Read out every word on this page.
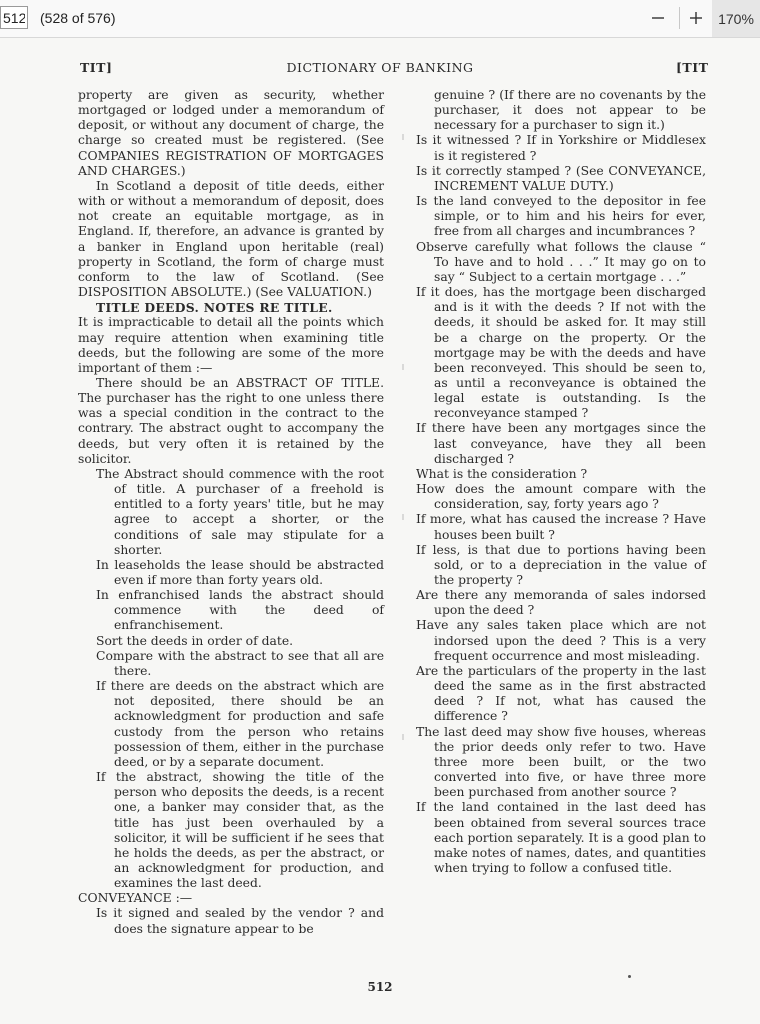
512
(528 of 576)	170%
TIT]	DICTIONARY OF BANKING	[TIT

property are given as security, whether mortgaged or lodged under a memorandum of deposit, or without any document of charge, the charge so created must be registered. (See COMPANIES REGISTRATION OF MORTGAGES AND CHARGES.)

In Scotland a deposit of title deeds, either with or without a memorandum of deposit, does not create an equitable mortgage, as in England. If, therefore, an advance is granted by a banker in England upon heritable (real) property in Scotland, the form of charge must conform to the law of Scotland. (See DISPOSITION ABSOLUTE.) (See VALUATION.)

TITLE DEEDS. NOTES RE TITLE.

It is impracticable to detail all the points which may require attention when examining title deeds, but the following are some of the more important of them :—

There should be an ABSTRACT OF TITLE. The purchaser has the right to one unless there was a special condition in the contract to the contrary. The abstract ought to accompany the deeds, but very often it is retained by the solicitor.

The Abstract should commence with the root of title. A purchaser of a freehold is entitled to a forty years' title, but he may agree to accept a shorter, or the conditions of sale may stipulate for a shorter.

In leaseholds the lease should be abstracted even if more than forty years old.

In enfranchised lands the abstract should commence with the deed of enfranchisement.

Sort the deeds in order of date.

Compare with the abstract to see that all are there.

If there are deeds on the abstract which are not deposited, there should be an acknowledgment for production and safe custody from the person who retains possession of them, either in the purchase deed, or by a separate document.

If the abstract, showing the title of the person who deposits the deeds, is a recent one, a banker may consider that, as the title has just been overhauled by a solicitor, it will be sufficient if he sees that he holds the deeds, as per the abstract, or an acknowledgment for production, and examines the last deed.

CONVEYANCE :—

Is it signed and sealed by the vendor ? and does the signature appear to be

genuine ? (If there are no covenants by the purchaser, it does not appear to be necessary for a purchaser to sign it.)

Is it witnessed ? If in Yorkshire or Middlesex is it registered ?

Is it correctly stamped ? (See CONVEYANCE, INCREMENT VALUE DUTY.)

Is the land conveyed to the depositor in fee simple, or to him and his heirs for ever, free from all charges and incumbrances ?

Observe carefully what follows the clause “ To have and to hold . . .” It may go on to say “ Subject to a certain mortgage . . .”

If it does, has the mortgage been discharged and is it with the deeds ? If not with the deeds, it should be asked for. It may still be a charge on the property. Or the mortgage may be with the deeds and have been reconveyed. This should be seen to, as until a reconveyance is obtained the legal estate is outstanding. Is the reconveyance stamped ?

If there have been any mortgages since the last conveyance, have they all been discharged ?

What is the consideration ?

How does the amount compare with the consideration, say, forty years ago ?

If more, what has caused the increase ? Have houses been built ?

If less, is that due to portions having been sold, or to a depreciation in the value of the property ?

Are there any memoranda of sales indorsed upon the deed ?

Have any sales taken place which are not indorsed upon the deed ? This is a very frequent occurrence and most misleading.

Are the particulars of the property in the last deed the same as in the first abstracted deed ? If not, what has caused the difference ?

The last deed may show five houses, whereas the prior deeds only refer to two. Have three more been built, or the two converted into five, or have three more been purchased from another source ?

If the land contained in the last deed has been obtained from several sources trace each portion separately. It is a good plan to make notes of names, dates, and quantities when trying to follow a confused title.

512
